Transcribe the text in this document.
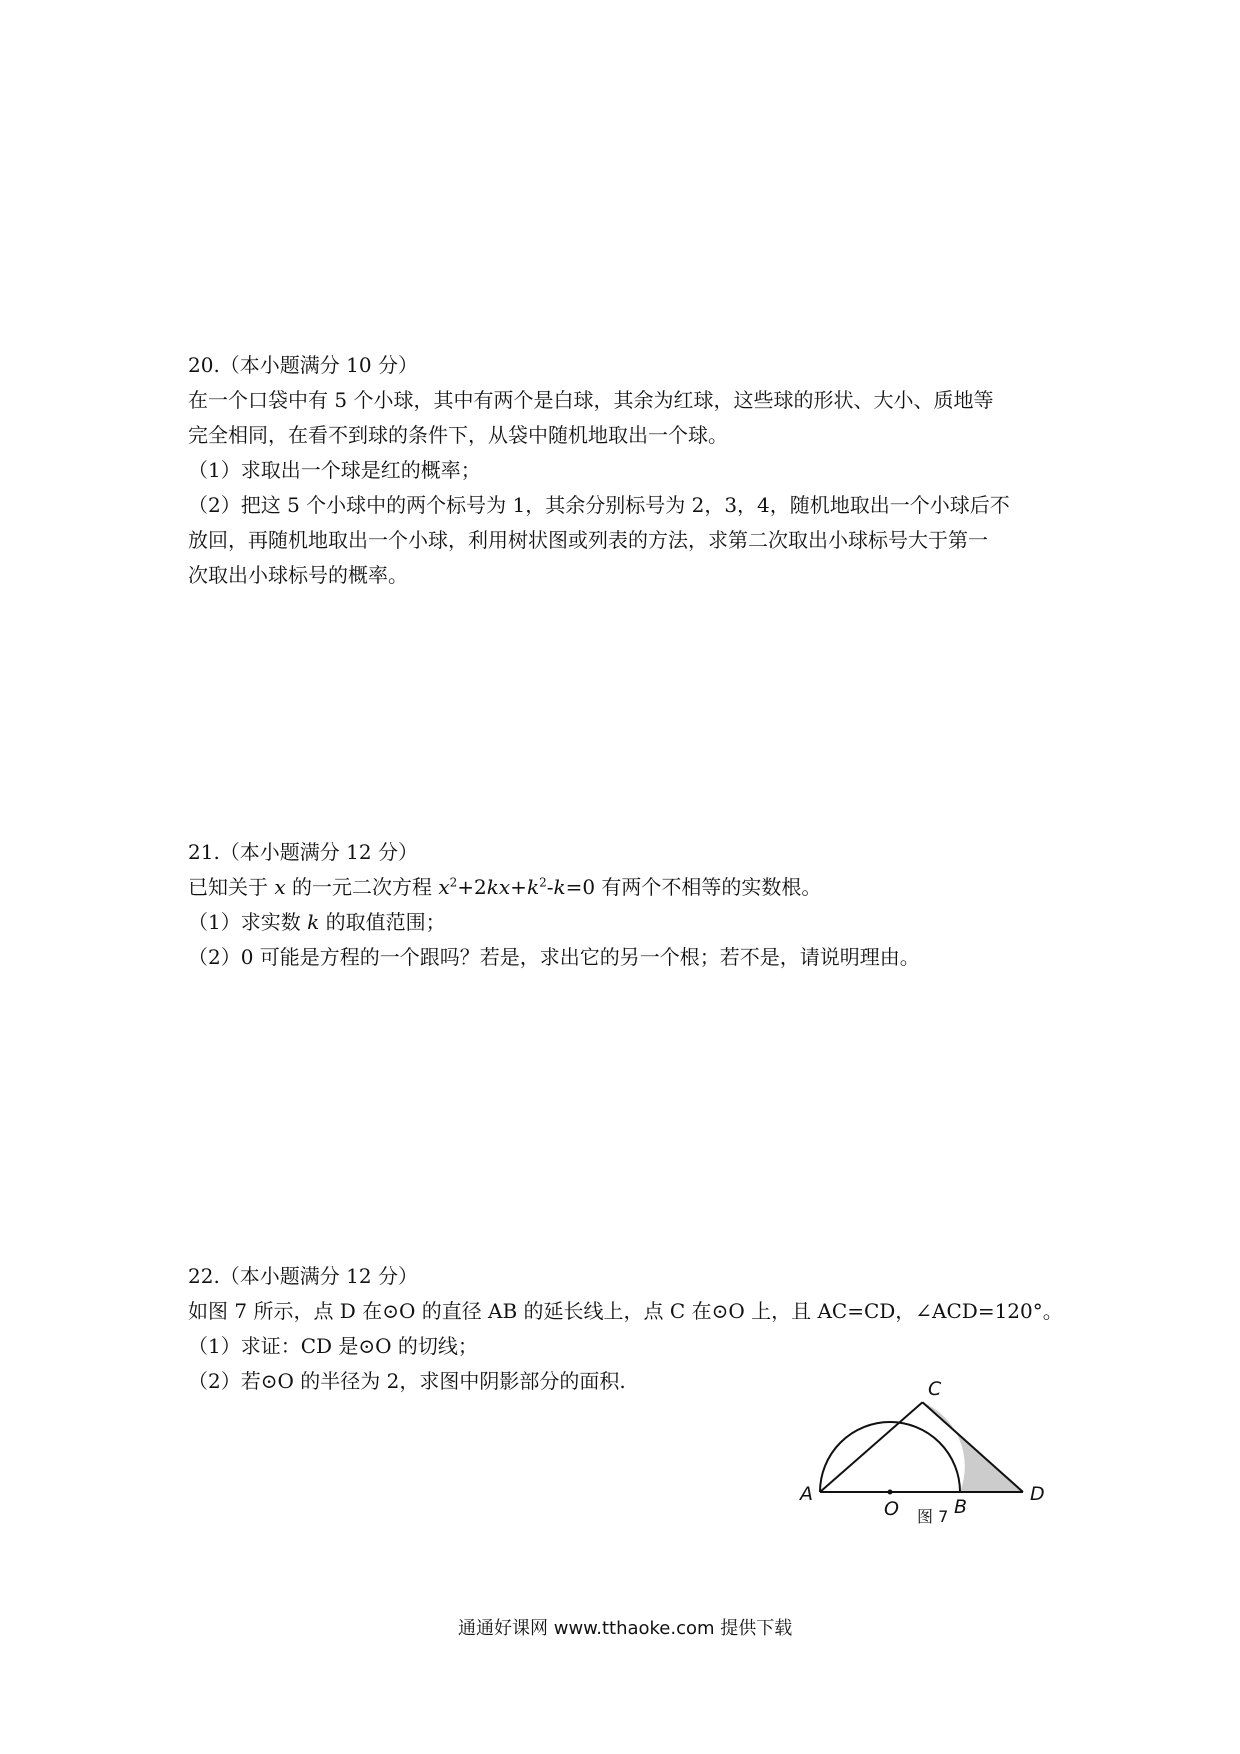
20.（本小题满分 10 分）

在一个口袋中有 5 个小球，其中有两个是白球，其余为红球，这些球的形状、大小、质地等

完全相同，在看不到球的条件下，从袋中随机地取出一个球。

（1）求取出一个球是红的概率；

（2）把这 5 个小球中的两个标号为 1，其余分别标号为 2，3，4，随机地取出一个小球后不

放回，再随机地取出一个小球，利用树状图或列表的方法，求第二次取出小球标号大于第一

次取出小球标号的概率。

21.（本小题满分 12 分）

已知关于 x 的一元二次方程 $x^2+2kx+k^2-k=0$ 有两个不相等的实数根。

（1）求实数 k 的取值范围；

（2）0 可能是方程的一个跟吗？若是，求出它的另一个根；若不是，请说明理由。

22.（本小题满分 12 分）

如图 7 所示，点 D 在⊙O 的直径 AB 的延长线上，点 C 在⊙O 上，且 AC=CD，∠ACD=120°。

（1）求证：CD 是⊙O 的切线；

（2）若⊙O 的半径为 2，求图中阴影部分的面积.

A
O	B
C
D
图 7
通通好课网 www.tthaoke.com 提供下载
